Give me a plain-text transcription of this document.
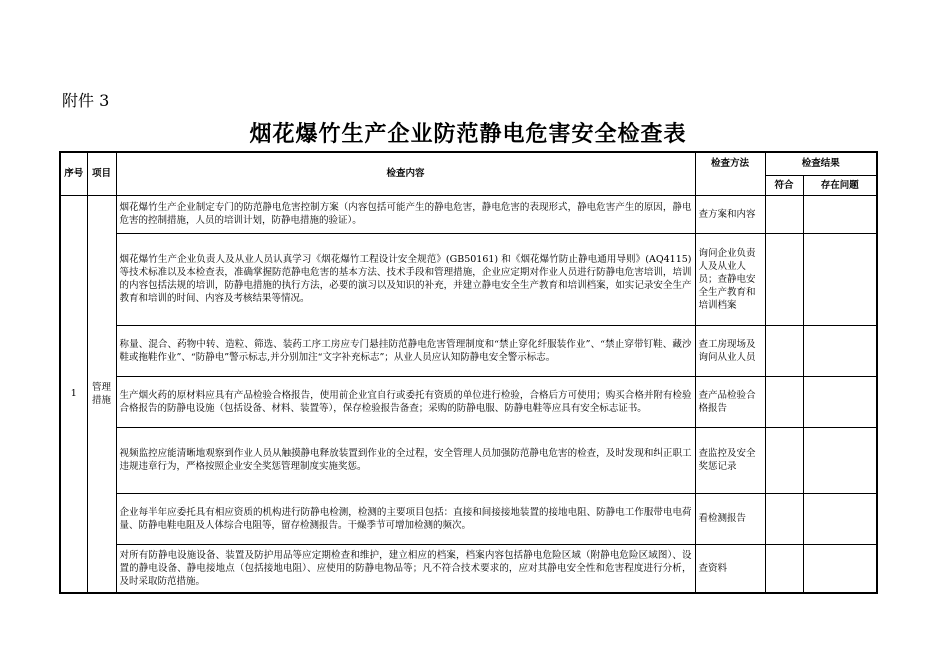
附件 3
烟花爆竹生产企业防范静电危害安全检查表
序号	项目	检查内容	检查方法	检查结果	
				符合	存在问题
1	管理措施	烟花爆竹生产企业制定专门的防范静电危害控制方案（内容包括可能产生的静电危害，静电危害的表现形式，静电危害产生的原因，静电危害的控制措施，人员的培训计划，防静电措施的验证）。	查方案和内容		
		烟花爆竹生产企业负责人及从业人员认真学习《烟花爆竹工程设计安全规范》(GB50161) 和《烟花爆竹防止静电通用导则》(AQ4115) 等技术标准以及本检查表，准确掌握防范静电危害的基本方法、技术手段和管理措施，企业应定期对作业人员进行防静电危害培训，培训的内容包括法规的培训，防静电措施的执行方法，必要的演习以及知识的补充，并建立静电安全生产教育和培训档案，如实记录安全生产教育和培训的时间、内容及考核结果等情况。	询问企业负责人及从业人员；查静电安全生产教育和培训档案		
		称量、混合、药物中转、造粒、筛选、装药工序工房应专门悬挂防范静电危害管理制度和“禁止穿化纤服装作业”、“禁止穿带钉鞋、藏沙鞋或拖鞋作业”、“防静电”警示标志,并分别加注“文字补充标志”；从业人员应认知防静电安全警示标志。	查工房现场及询问从业人员		
		生产烟火药的原材料应具有产品检验合格报告，使用前企业宜自行或委托有资质的单位进行检验，合格后方可使用；购买合格并附有检验合格报告的防静电设施（包括设备、材料、装置等），保存检验报告备查；采购的防静电服、防静电鞋等应具有安全标志证书。	查产品检验合格报告		
		视频监控应能清晰地观察到作业人员从触摸静电释放装置到作业的全过程，安全管理人员加强防范静电危害的检查，及时发现和纠正职工违规违章行为，严格按照企业安全奖惩管理制度实施奖惩。	查监控及安全奖惩记录		
		企业每半年应委托具有相应资质的机构进行防静电检测，检测的主要项目包括：直接和间接接地装置的接地电阻、防静电工作服带电电荷量、防静电鞋电阻及人体综合电阻等，留存检测报告。干燥季节可增加检测的频次。	看检测报告		
		对所有防静电设施设备、装置及防护用品等应定期检查和维护，建立相应的档案，档案内容包括静电危险区域（附静电危险区域图）、设置的静电设备、静电接地点（包括接地电阻）、应使用的防静电物品等；凡不符合技术要求的，应对其静电安全性和危害程度进行分析，及时采取防范措施。	查资料		
